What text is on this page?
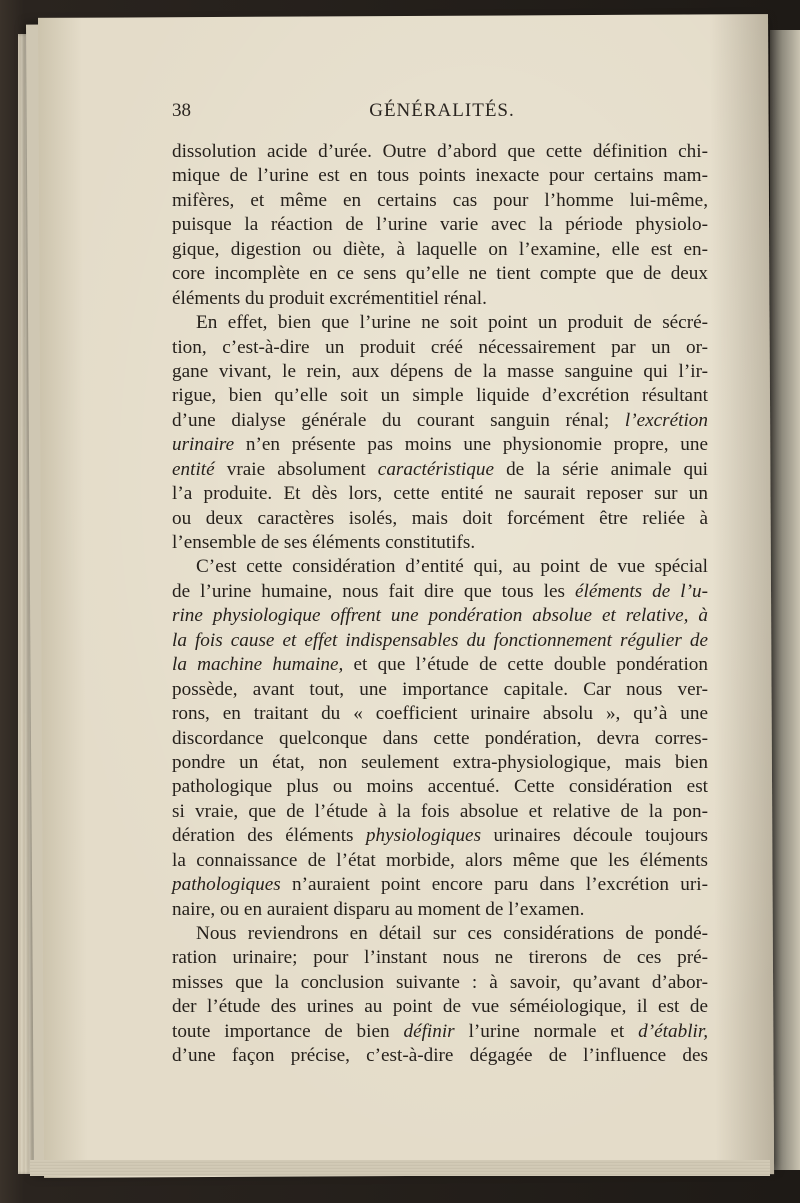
38	GÉNÉRALITÉS.
dissolution acide d’urée. Outre d’abord que cette définition chi-
mique de l’urine est en tous points inexacte pour certains mam-
mifères, et même en certains cas pour l’homme lui-même,
puisque la réaction de l’urine varie avec la période physiolo-
gique, digestion ou diète, à laquelle on l’examine, elle est en-
core incomplète en ce sens qu’elle ne tient compte que de deux
éléments du produit excrémentitiel rénal.
En effet, bien que l’urine ne soit point un produit de sécré-
tion, c’est-à-dire un produit créé nécessairement par un or-
gane vivant, le rein, aux dépens de la masse sanguine qui l’ir-
rigue, bien qu’elle soit un simple liquide d’excrétion résultant
d’une dialyse générale du courant sanguin rénal; l’excrétion
urinaire n’en présente pas moins une physionomie propre, une
entité vraie absolument caractéristique de la série animale qui
l’a produite. Et dès lors, cette entité ne saurait reposer sur un
ou deux caractères isolés, mais doit forcément être reliée à
l’ensemble de ses éléments constitutifs.
C’est cette considération d’entité qui, au point de vue spécial
de l’urine humaine, nous fait dire que tous les éléments de l’u-
rine physiologique offrent une pondération absolue et relative, à
la fois cause et effet indispensables du fonctionnement régulier de
la machine humaine, et que l’étude de cette double pondération
possède, avant tout, une importance capitale. Car nous ver-
rons, en traitant du « coefficient urinaire absolu », qu’à une
discordance quelconque dans cette pondération, devra corres-
pondre un état, non seulement extra-physiologique, mais bien
pathologique plus ou moins accentué. Cette considération est
si vraie, que de l’étude à la fois absolue et relative de la pon-
dération des éléments physiologiques urinaires découle toujours
la connaissance de l’état morbide, alors même que les éléments
pathologiques n’auraient point encore paru dans l’excrétion uri-
naire, ou en auraient disparu au moment de l’examen.
Nous reviendrons en détail sur ces considérations de pondé-
ration urinaire; pour l’instant nous ne tirerons de ces pré-
misses que la conclusion suivante : à savoir, qu’avant d’abor-
der l’étude des urines au point de vue séméiologique, il est de
toute importance de bien définir l’urine normale et d’établir,
d’une façon précise, c’est-à-dire dégagée de l’influence des
